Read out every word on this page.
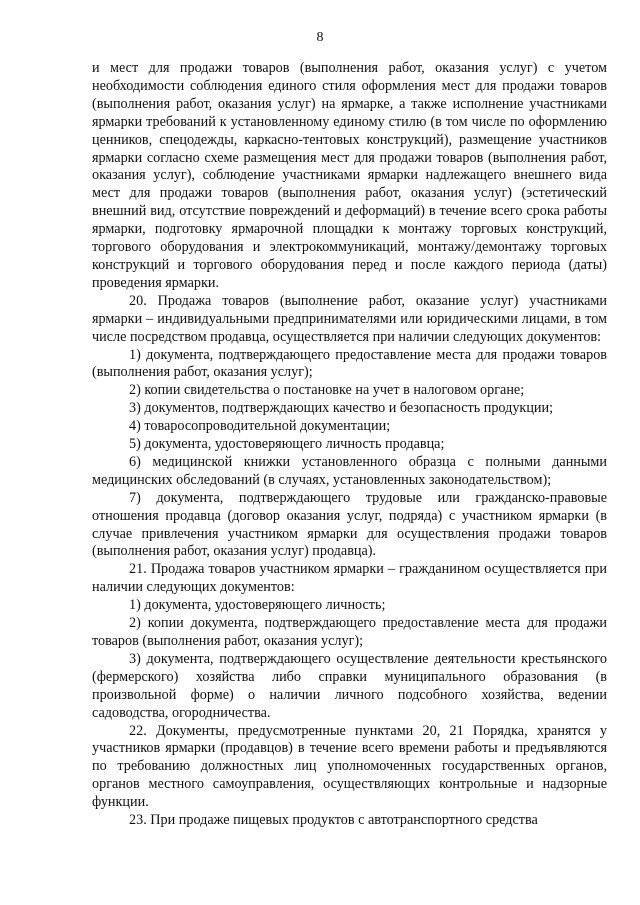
8

и мест для продажи товаров (выполнения работ, оказания услуг) с учетом необходимости соблюдения единого стиля оформления мест для продажи товаров (выполнения работ, оказания услуг) на ярмарке, а также исполнение участниками ярмарки требований к установленному единому стилю (в том числе по оформлению ценников, спецодежды, каркасно-тентовых конструкций), размещение участников ярмарки согласно схеме размещения мест для продажи товаров (выполнения работ, оказания услуг), соблюдение участниками ярмарки надлежащего внешнего вида мест для продажи товаров (выполнения работ, оказания услуг) (эстетический внешний вид, отсутствие повреждений и деформаций) в течение всего срока работы ярмарки, подготовку ярмарочной площадки к монтажу торговых конструкций, торгового оборудования и электрокоммуникаций, монтажу/демонтажу торговых конструкций и торгового оборудования перед и после каждого периода (даты) проведения ярмарки.

20. Продажа товаров (выполнение работ, оказание услуг) участниками ярмарки – индивидуальными предпринимателями или юридическими лицами, в том числе посредством продавца, осуществляется при наличии следующих документов:

1) документа, подтверждающего предоставление места для продажи товаров (выполнения работ, оказания услуг);

2) копии свидетельства о постановке на учет в налоговом органе;

3) документов, подтверждающих качество и безопасность продукции;

4) товаросопроводительной документации;

5) документа, удостоверяющего личность продавца;

6) медицинской книжки установленного образца с полными данными медицинских обследований (в случаях, установленных законодательством);

7) документа, подтверждающего трудовые или гражданско-правовые отношения продавца (договор оказания услуг, подряда) с участником ярмарки (в случае привлечения участником ярмарки для осуществления продажи товаров (выполнения работ, оказания услуг) продавца).

21. Продажа товаров участником ярмарки – гражданином осуществляется при наличии следующих документов:

1) документа, удостоверяющего личность;

2) копии документа, подтверждающего предоставление места для продажи товаров (выполнения работ, оказания услуг);

3) документа, подтверждающего осуществление деятельности крестьянского (фермерского) хозяйства либо справки муниципального образования (в произвольной форме) о наличии личного подсобного хозяйства, ведении садоводства, огородничества.

22. Документы, предусмотренные пунктами 20, 21 Порядка, хранятся у участников ярмарки (продавцов) в течение всего времени работы и предъявляются по требованию должностных лиц уполномоченных государственных органов, органов местного самоуправления, осуществляющих контрольные и надзорные функции.

23. При продаже пищевых продуктов с автотранспортного средства
